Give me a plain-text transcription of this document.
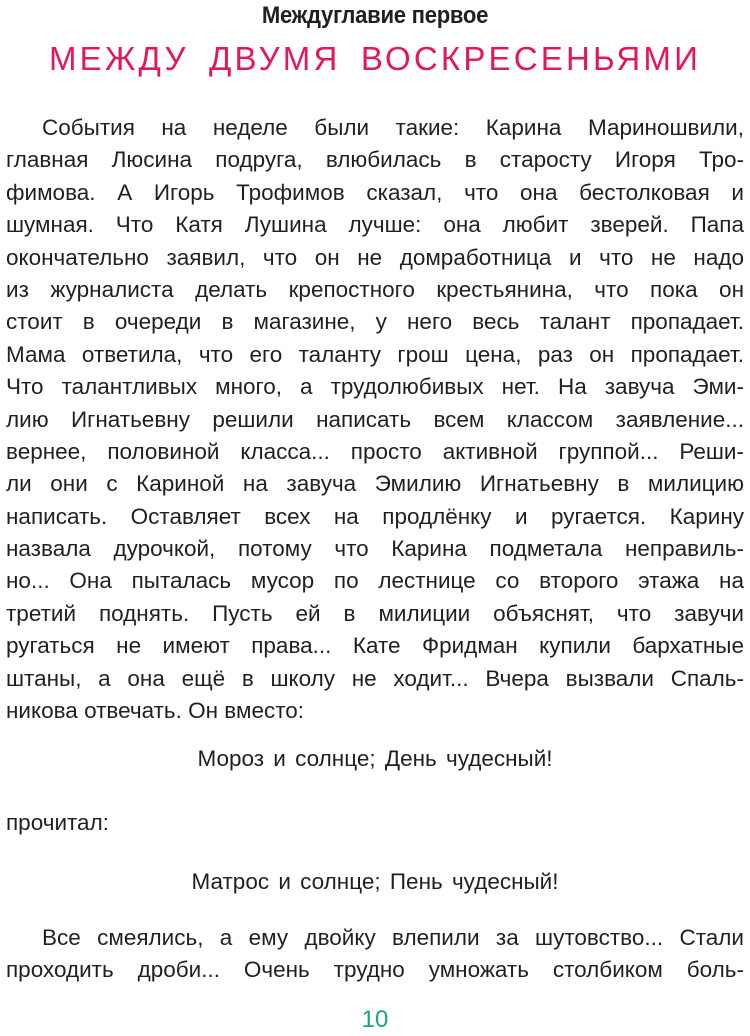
Междуглавие первое
МЕЖДУ ДВУМЯ ВОСКРЕСЕНЬЯМИ
События на неделе были такие: Карина Мариношвили,
главная Люсина подруга, влюбилась в старосту Игоря Тро-
фимова. А Игорь Трофимов сказал, что она бестолковая и
шумная. Что Катя Лушина лучше: она любит зверей. Папа
окончательно заявил, что он не домработница и что не надо
из журналиста делать крепостного крестьянина, что пока он
стоит в очереди в магазине, у него весь талант пропадает.
Мама ответила, что его таланту грош цена, раз он пропадает.
Что талантливых много, а трудолюбивых нет. На завуча Эми-
лию Игнатьевну решили написать всем классом заявление...
вернее, половиной класса... просто активной группой... Реши-
ли они с Кариной на завуча Эмилию Игнатьевну в милицию
написать. Оставляет всех на продлёнку и ругается. Карину
назвала дурочкой, потому что Карина подметала неправиль-
но... Она пыталась мусор по лестнице со второго этажа на
третий поднять. Пусть ей в милиции объяснят, что завучи
ругаться не имеют права... Кате Фридман купили бархатные
штаны, а она ещё в школу не ходит... Вчера вызвали Спаль-
никова отвечать. Он вместо:
Мороз и солнце; День чудесный!
прочитал:
Матрос и солнце; Пень чудесный!
Все смеялись, а ему двойку влепили за шутовство... Стали
проходить дроби... Очень трудно умножать столбиком боль-
10
